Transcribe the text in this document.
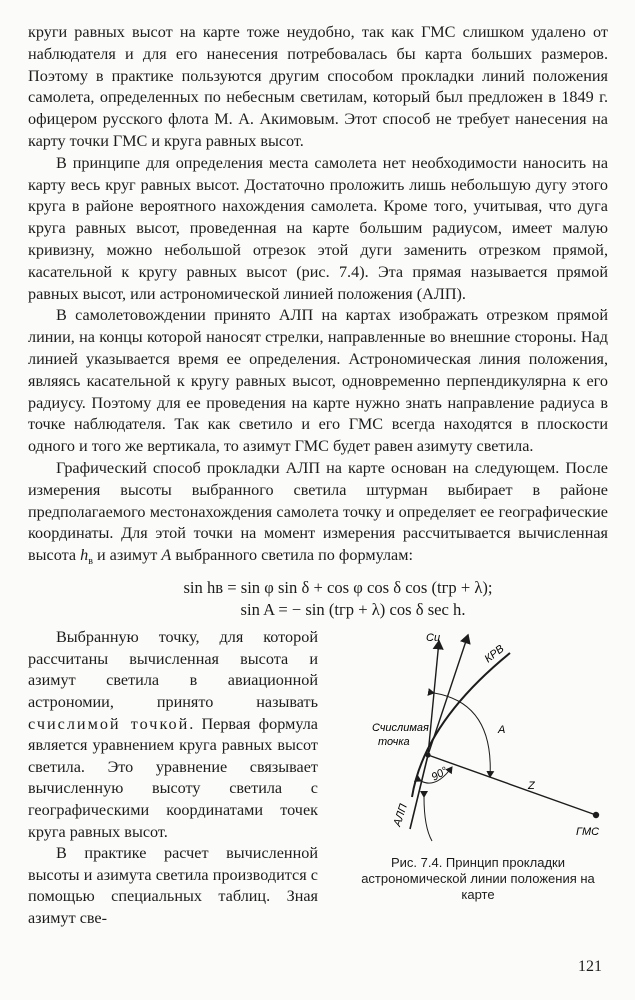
круги равных высот на карте тоже неудобно, так как ГМС слишком удалено от наблюдателя и для его нанесения потребовалась бы карта больших размеров. Поэтому в практике пользуются другим способом прокладки линий положения самолета, определенных по небесным светилам, который был предложен в 1849 г. офицером русского флота М. А. Акимовым. Этот способ не требует нанесения на карту точки ГМС и круга равных высот.

В принципе для определения места самолета нет необходимости наносить на карту весь круг равных высот. Достаточно проложить лишь небольшую дугу этого круга в районе вероятного нахождения самолета. Кроме того, учитывая, что дуга круга равных высот, проведенная на карте большим радиусом, имеет малую кривизну, можно небольшой отрезок этой дуги заменить отрезком прямой, касательной к кругу равных высот (рис. 7.4). Эта прямая называется прямой равных высот, или астрономической линией положения (АЛП).

В самолетовождении принято АЛП на картах изображать отрезком прямой линии, на концы которой наносят стрелки, направленные во внешние стороны. Над линией указывается время ее определения. Астрономическая линия положения, являясь касательной к кругу равных высот, одновременно перпендикулярна к его радиусу. Поэтому для ее проведения на карте нужно знать направление радиуса в точке наблюдателя. Так как светило и его ГМС всегда находятся в плоскости одного и того же вертикала, то азимут ГМС будет равен азимуту светила.

Графический способ прокладки АЛП на карте основан на следующем. После измерения высоты выбранного светила штурман выбирает в районе предполагаемого местонахождения самолета точку и определяет ее географические координаты. Для этой точки на момент измерения рассчитывается вычисленная высота $h_в$ и азимут A выбранного светила по формулам:

sin hв = sin φ sin δ + cos φ cos δ cos (tгр + λ);
sin A = − sin (tгр + λ) cos δ sec h.

Выбранную точку, для которой рассчитаны вычисленная высота и азимут светила в авиационной астрономии, принято называть счислимой точкой. Первая формула является уравнением круга равных высот светила. Это уравнение связывает вычисленную высоту светила с географическими координатами точек круга равных высот.

В практике расчет вычисленной высоты и азимута светила производится с помощью специальных таблиц. Зная азимут све-

Cи
КРВ
A
Счислимая
точка
90°
Z
АЛП
ГМС
Рис. 7.4. Принцип прокладки астрономической линии положения на карте
121
